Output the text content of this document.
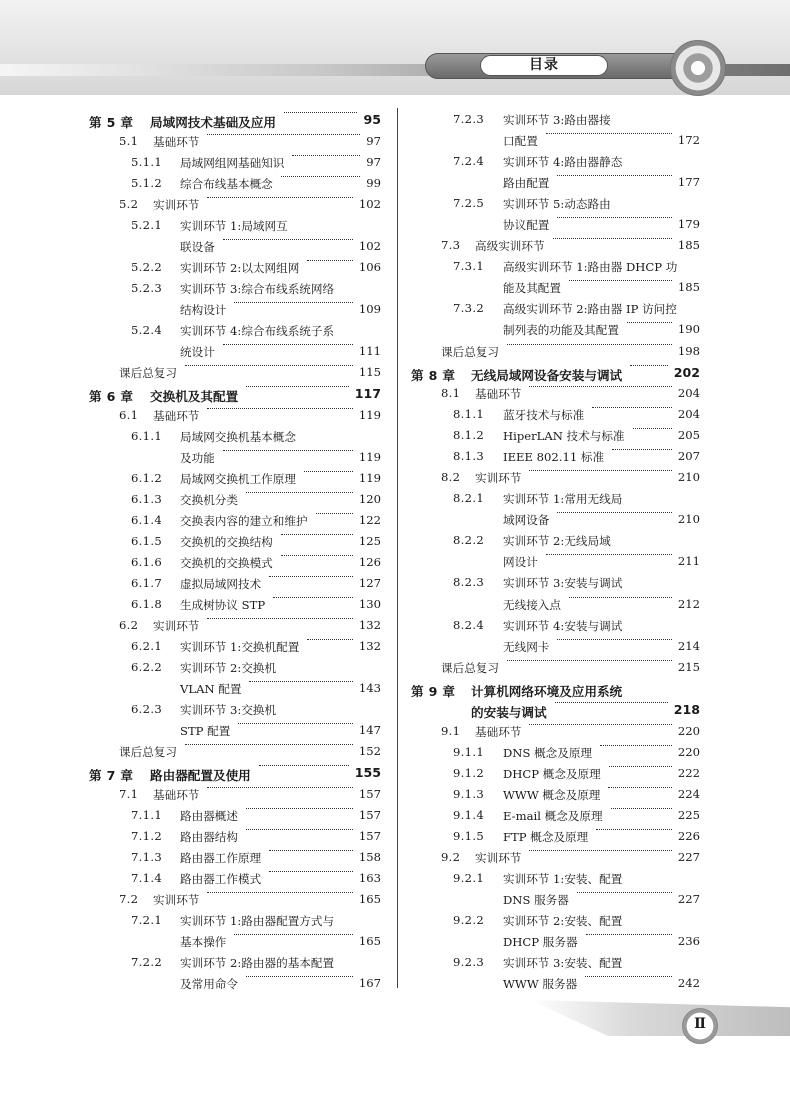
目录
第 5 章 局域网技术基础及应用	95
5.1 基础环节	97
5.1.1 局域网组网基础知识	97
5.1.2 综合布线基本概念	99
5.2 实训环节	102
5.2.1 实训环节 1:局域网互
联设备	102
5.2.2 实训环节 2:以太网组网	106
5.2.3 实训环节 3:综合布线系统网络
结构设计	109
5.2.4 实训环节 4:综合布线系统子系
统设计	111
课后总复习	115
第 6 章 交换机及其配置	117
6.1 基础环节	119
6.1.1 局域网交换机基本概念
及功能	119
6.1.2 局域网交换机工作原理	119
6.1.3 交换机分类	120
6.1.4 交换表内容的建立和维护	122
6.1.5 交换机的交换结构	125
6.1.6 交换机的交换模式	126
6.1.7 虚拟局域网技术	127
6.1.8 生成树协议 STP	130
6.2 实训环节	132
6.2.1 实训环节 1:交换机配置	132
6.2.2 实训环节 2:交换机
VLAN 配置	143
6.2.3 实训环节 3:交换机
STP 配置	147
课后总复习	152
第 7 章 路由器配置及使用	155
7.1 基础环节	157
7.1.1 路由器概述	157
7.1.2 路由器结构	157
7.1.3 路由器工作原理	158
7.1.4 路由器工作模式	163
7.2 实训环节	165
7.2.1 实训环节 1:路由器配置方式与
基本操作	165
7.2.2 实训环节 2:路由器的基本配置
及常用命令	167
7.2.3 实训环节 3:路由器接
口配置	172
7.2.4 实训环节 4:路由器静态
路由配置	177
7.2.5 实训环节 5:动态路由
协议配置	179
7.3 高级实训环节	185
7.3.1 高级实训环节 1:路由器 DHCP 功
能及其配置	185
7.3.2 高级实训环节 2:路由器 IP 访问控
制列表的功能及其配置	190
课后总复习	198
第 8 章 无线局域网设备安装与调试	202
8.1 基础环节	204
8.1.1 蓝牙技术与标准	204
8.1.2 HiperLAN 技术与标准	205
8.1.3 IEEE 802.11 标准	207
8.2 实训环节	210
8.2.1 实训环节 1:常用无线局
域网设备	210
8.2.2 实训环节 2:无线局域
网设计	211
8.2.3 实训环节 3:安装与调试
无线接入点	212
8.2.4 实训环节 4:安装与调试
无线网卡	214
课后总复习	215
第 9 章 计算机网络环境及应用系统
的安装与调试	218
9.1 基础环节	220
9.1.1 DNS 概念及原理	220
9.1.2 DHCP 概念及原理	222
9.1.3 WWW 概念及原理	224
9.1.4 E-mail 概念及原理	225
9.1.5 FTP 概念及原理	226
9.2 实训环节	227
9.2.1 实训环节 1:安装、配置
DNS 服务器	227
9.2.2 实训环节 2:安装、配置
DHCP 服务器	236
9.2.3 实训环节 3:安装、配置
WWW 服务器	242
Ⅱ
